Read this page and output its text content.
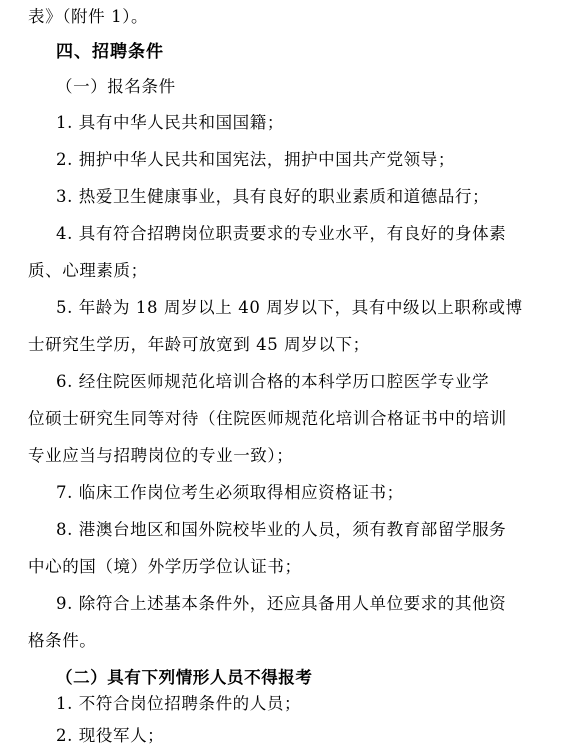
表》（附件 1）。
四、招聘条件
（一）报名条件
1. 具有中华人民共和国国籍；
2. 拥护中华人民共和国宪法，拥护中国共产党领导；
3. 热爱卫生健康事业，具有良好的职业素质和道德品行；
4. 具有符合招聘岗位职责要求的专业水平，有良好的身体素
质、心理素质；
5. 年龄为 18 周岁以上 40 周岁以下，具有中级以上职称或博
士研究生学历，年龄可放宽到 45 周岁以下；
6. 经住院医师规范化培训合格的本科学历口腔医学专业学
位硕士研究生同等对待（住院医师规范化培训合格证书中的培训
专业应当与招聘岗位的专业一致）；
7. 临床工作岗位考生必须取得相应资格证书；
8. 港澳台地区和国外院校毕业的人员，须有教育部留学服务
中心的国（境）外学历学位认证书；
9. 除符合上述基本条件外，还应具备用人单位要求的其他资
格条件。
（二）具有下列情形人员不得报考
1. 不符合岗位招聘条件的人员；
2. 现役军人；
